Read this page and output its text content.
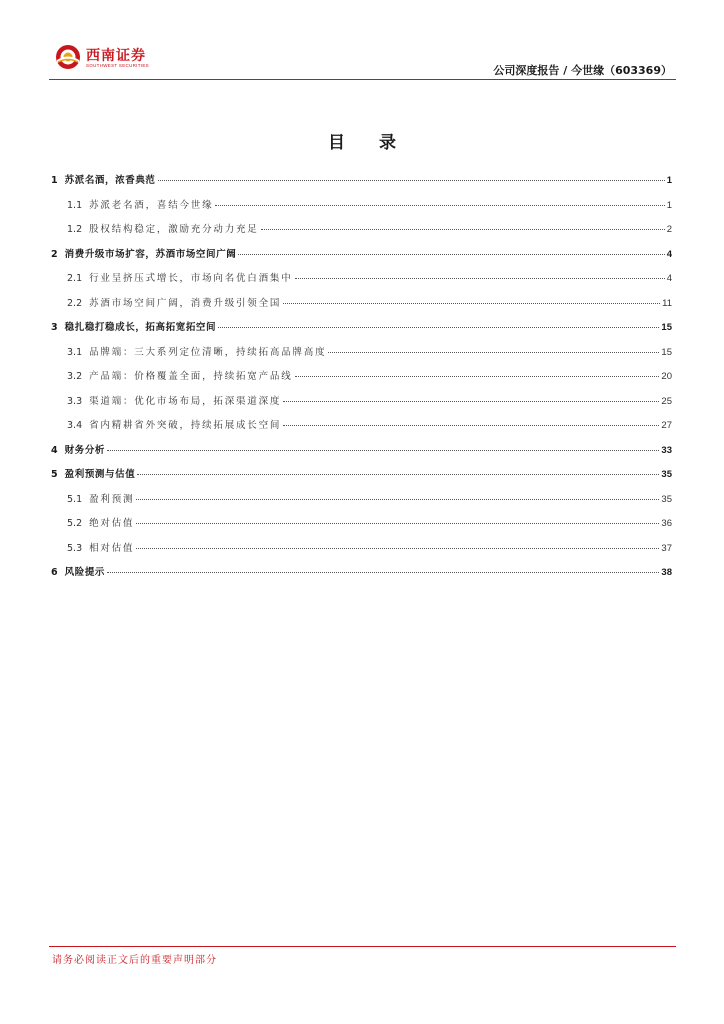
西南证券
SOUTHWEST SECURITIES	公司深度报告 / 今世缘（603369）
目 录
1 苏派名酒，浓香典范	1
1.1 苏派老名酒，喜结今世缘	1
1.2 股权结构稳定，激励充分动力充足	2
2 消费升级市场扩容，苏酒市场空间广阔	4
2.1 行业呈挤压式增长，市场向名优白酒集中	4
2.2 苏酒市场空间广阔，消费升级引领全国	11
3 稳扎稳打稳成长，拓高拓宽拓空间	15
3.1 品牌端：三大系列定位清晰，持续拓高品牌高度	15
3.2 产品端：价格覆盖全面，持续拓宽产品线	20
3.3 渠道端：优化市场布局，拓深渠道深度	25
3.4 省内精耕省外突破，持续拓展成长空间	27
4 财务分析	33
5 盈利预测与估值	35
5.1 盈利预测	35
5.2 绝对估值	36
5.3 相对估值	37
6 风险提示	38
请务必阅读正文后的重要声明部分
